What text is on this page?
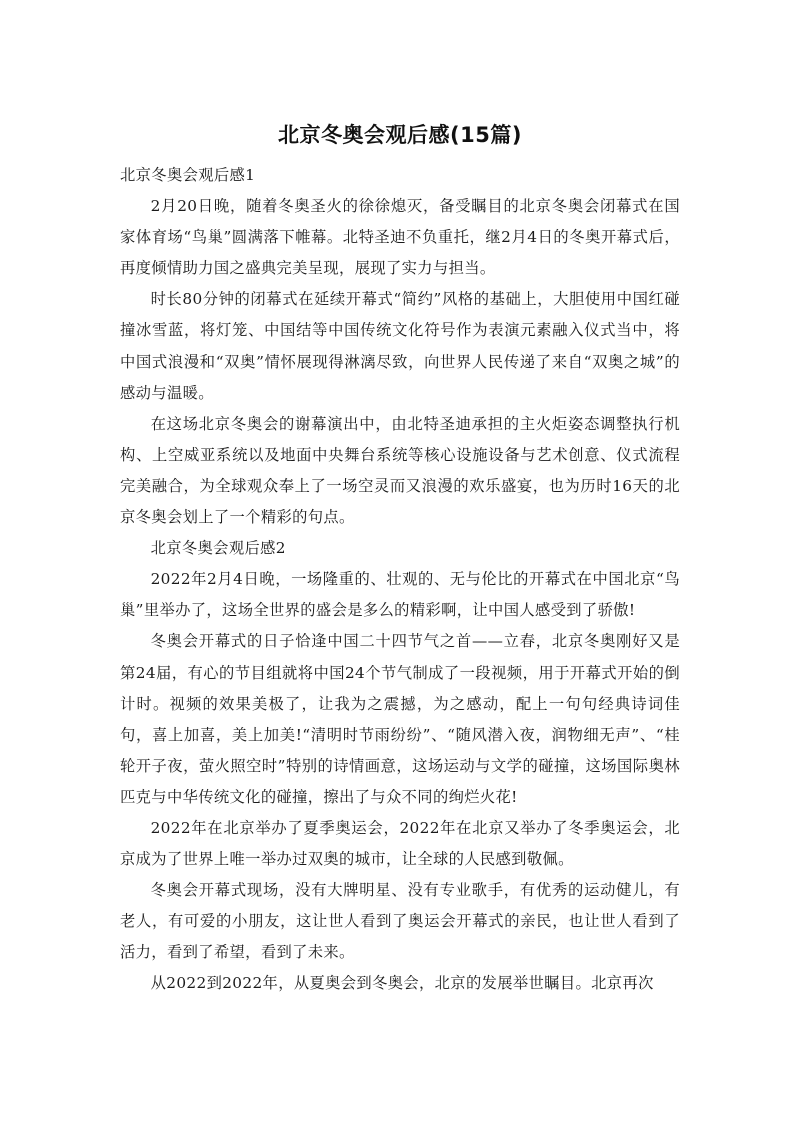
北京冬奥会观后感(15篇)

北京冬奥会观后感1

2月20日晚，随着冬奥圣火的徐徐熄灭，备受瞩目的北京冬奥会闭幕式在国家体育场“鸟巢”圆满落下帷幕。北特圣迪不负重托，继2月4日的冬奥开幕式后，再度倾情助力国之盛典完美呈现，展现了实力与担当。

时长80分钟的闭幕式在延续开幕式“简约”风格的基础上，大胆使用中国红碰撞冰雪蓝，将灯笼、中国结等中国传统文化符号作为表演元素融入仪式当中，将中国式浪漫和“双奥”情怀展现得淋漓尽致，向世界人民传递了来自“双奥之城”的感动与温暖。

在这场北京冬奥会的谢幕演出中，由北特圣迪承担的主火炬姿态调整执行机构、上空威亚系统以及地面中央舞台系统等核心设施设备与艺术创意、仪式流程完美融合，为全球观众奉上了一场空灵而又浪漫的欢乐盛宴，也为历时16天的北京冬奥会划上了一个精彩的句点。

北京冬奥会观后感2

2022年2月4日晚，一场隆重的、壮观的、无与伦比的开幕式在中国北京“鸟巢”里举办了，这场全世界的盛会是多么的精彩啊，让中国人感受到了骄傲!

冬奥会开幕式的日子恰逢中国二十四节气之首——立春，北京冬奥刚好又是第24届，有心的节目组就将中国24个节气制成了一段视频，用于开幕式开始的倒计时。视频的效果美极了，让我为之震撼，为之感动，配上一句句经典诗词佳句，喜上加喜，美上加美!“清明时节雨纷纷”、“随风潜入夜，润物细无声”、“桂轮开子夜，萤火照空时”特别的诗情画意，这场运动与文学的碰撞，这场国际奥林匹克与中华传统文化的碰撞，擦出了与众不同的绚烂火花!

2022年在北京举办了夏季奥运会，2022年在北京又举办了冬季奥运会，北京成为了世界上唯一举办过双奥的城市，让全球的人民感到敬佩。

冬奥会开幕式现场，没有大牌明星、没有专业歌手，有优秀的运动健儿，有老人，有可爱的小朋友，这让世人看到了奥运会开幕式的亲民，也让世人看到了活力，看到了希望，看到了未来。

从2022到2022年，从夏奥会到冬奥会，北京的发展举世瞩目。北京再次
